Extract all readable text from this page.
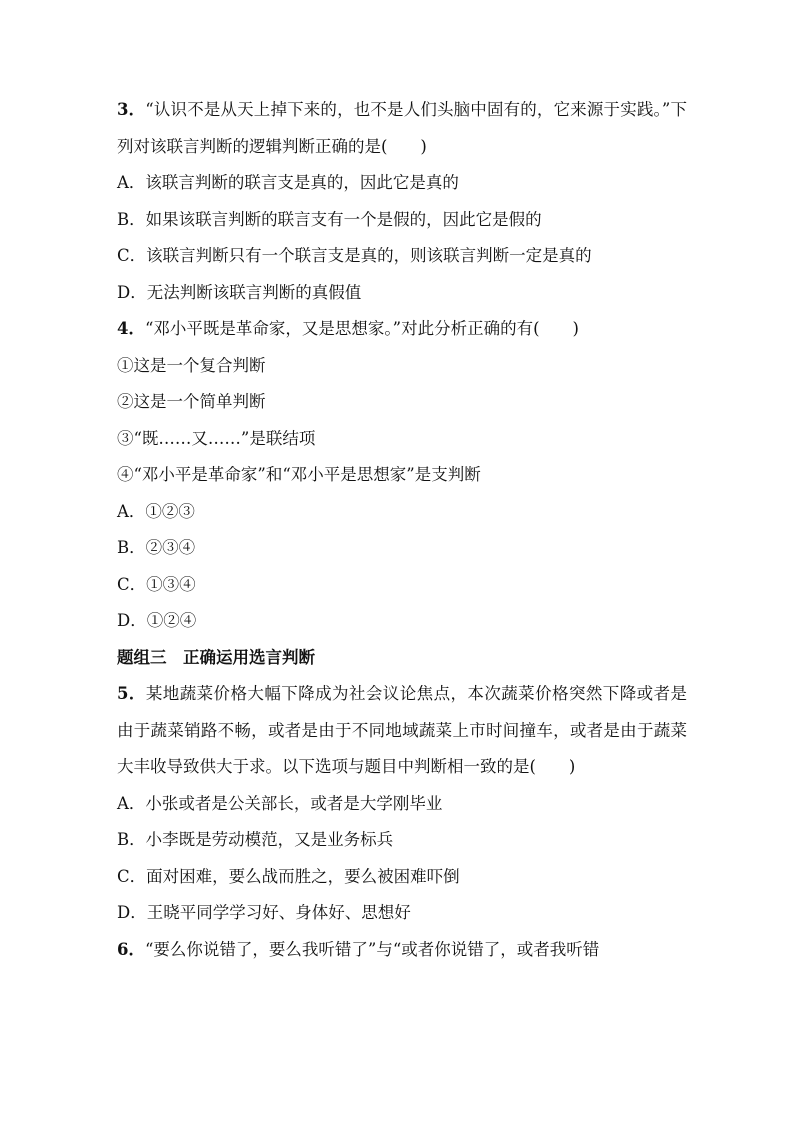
3．“认识不是从天上掉下来的，也不是人们头脑中固有的，它来源于实践。”下列对该联言判断的逻辑判断正确的是(　　)
A．该联言判断的联言支是真的，因此它是真的
B．如果该联言判断的联言支有一个是假的，因此它是假的
C．该联言判断只有一个联言支是真的，则该联言判断一定是真的
D．无法判断该联言判断的真假值
4．“邓小平既是革命家，又是思想家。”对此分析正确的有(　　)
①这是一个复合判断
②这是一个简单判断
③“既……又……”是联结项
④“邓小平是革命家”和“邓小平是思想家”是支判断
A．①②③
B．②③④
C．①③④
D．①②④
题组三　正确运用选言判断
5．某地蔬菜价格大幅下降成为社会议论焦点，本次蔬菜价格突然下降或者是由于蔬菜销路不畅，或者是由于不同地域蔬菜上市时间撞车，或者是由于蔬菜大丰收导致供大于求。以下选项与题目中判断相一致的是(　　)
A．小张或者是公关部长，或者是大学刚毕业
B．小李既是劳动模范，又是业务标兵
C．面对困难，要么战而胜之，要么被困难吓倒
D．王晓平同学学习好、身体好、思想好
6．“要么你说错了，要么我听错了”与“或者你说错了，或者我听错
